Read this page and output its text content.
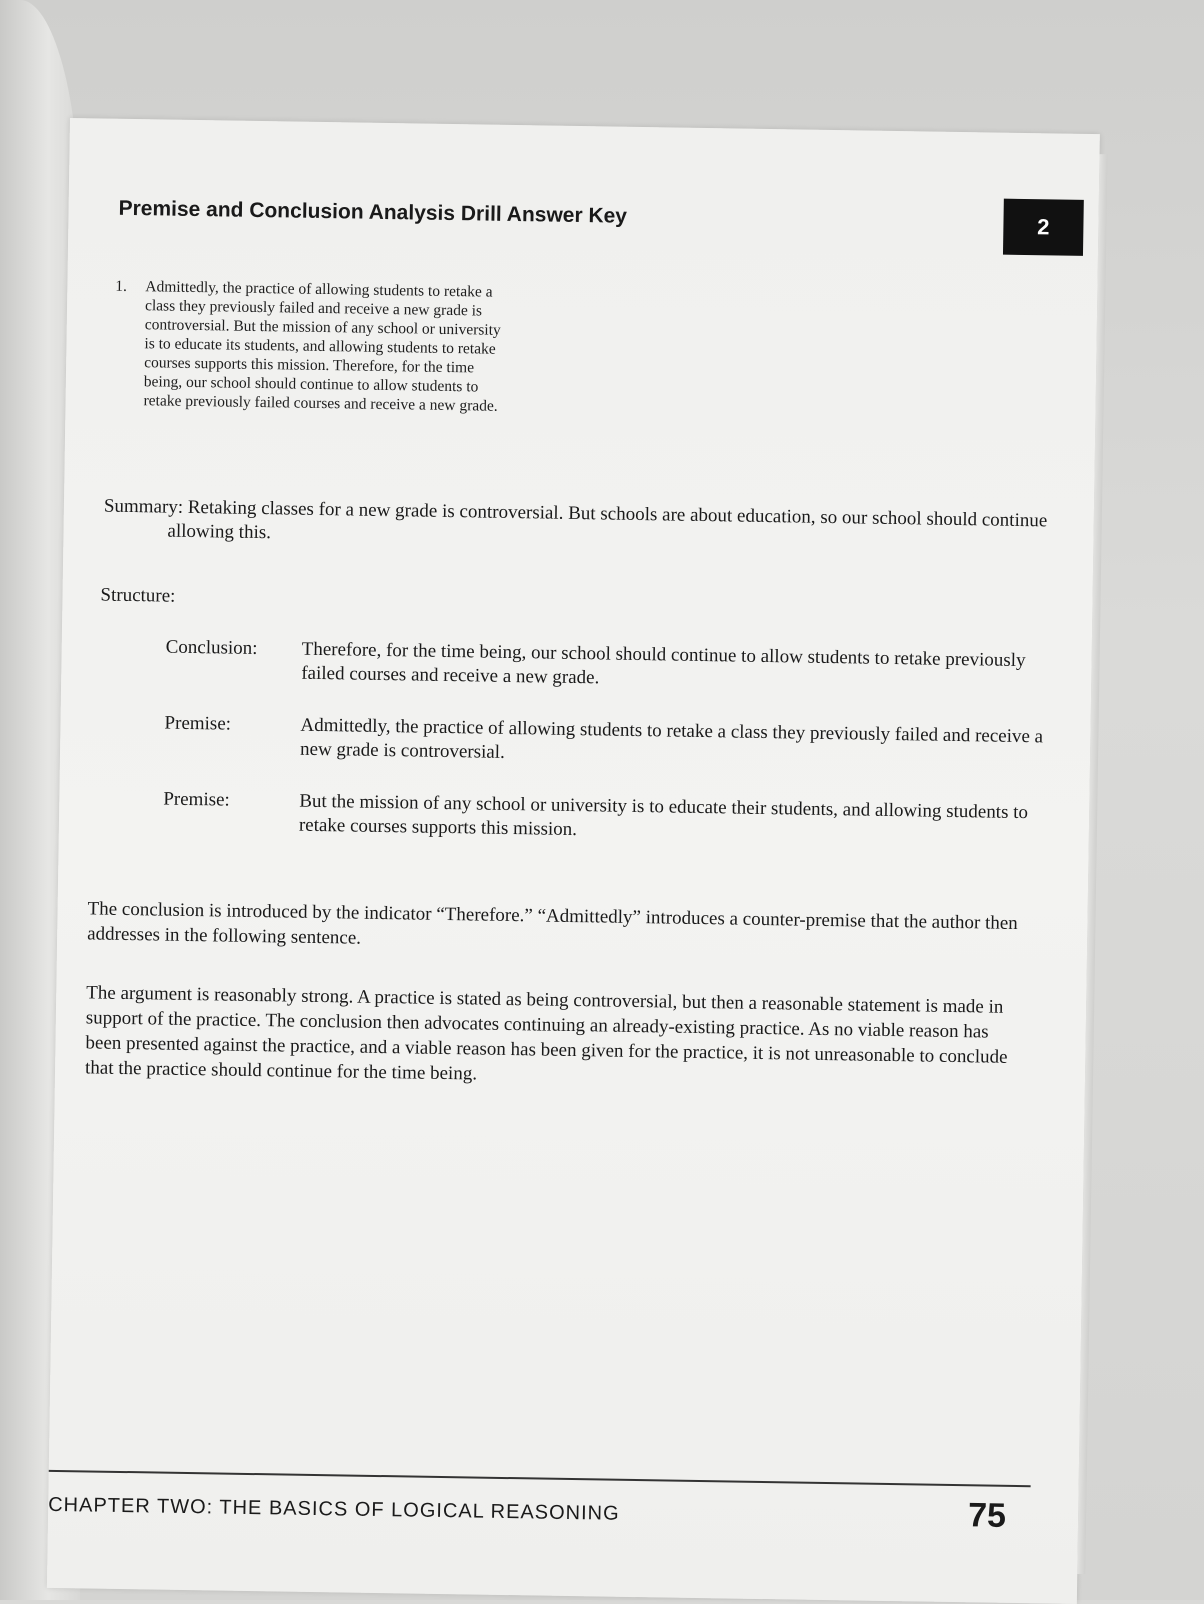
Premise and Conclusion Analysis Drill Answer Key	2
1. Admittedly, the practice of allowing students to retake a class they previously failed and receive a new grade is controversial. But the mission of any school or university is to educate its students, and allowing students to retake courses supports this mission. Therefore, for the time being, our school should continue to allow students to retake previously failed courses and receive a new grade.
Summary: Retaking classes for a new grade is controversial. But schools are about education, so our school should continue allowing this.
Structure:
Conclusion:	Therefore, for the time being, our school should continue to allow students to retake previously failed courses and receive a new grade.
Premise:	Admittedly, the practice of allowing students to retake a class they previously failed and receive a new grade is controversial.
Premise:	But the mission of any school or university is to educate their students, and allowing students to retake courses supports this mission.
The conclusion is introduced by the indicator “Therefore.” “Admittedly” introduces a counter-premise that the author then addresses in the following sentence.
The argument is reasonably strong. A practice is stated as being controversial, but then a reasonable statement is made in support of the practice. The conclusion then advocates continuing an already-existing practice. As no viable reason has been presented against the practice, and a viable reason has been given for the practice, it is not unreasonable to conclude that the practice should continue for the time being.
CHAPTER TWO: THE BASICS OF LOGICAL REASONING	75
